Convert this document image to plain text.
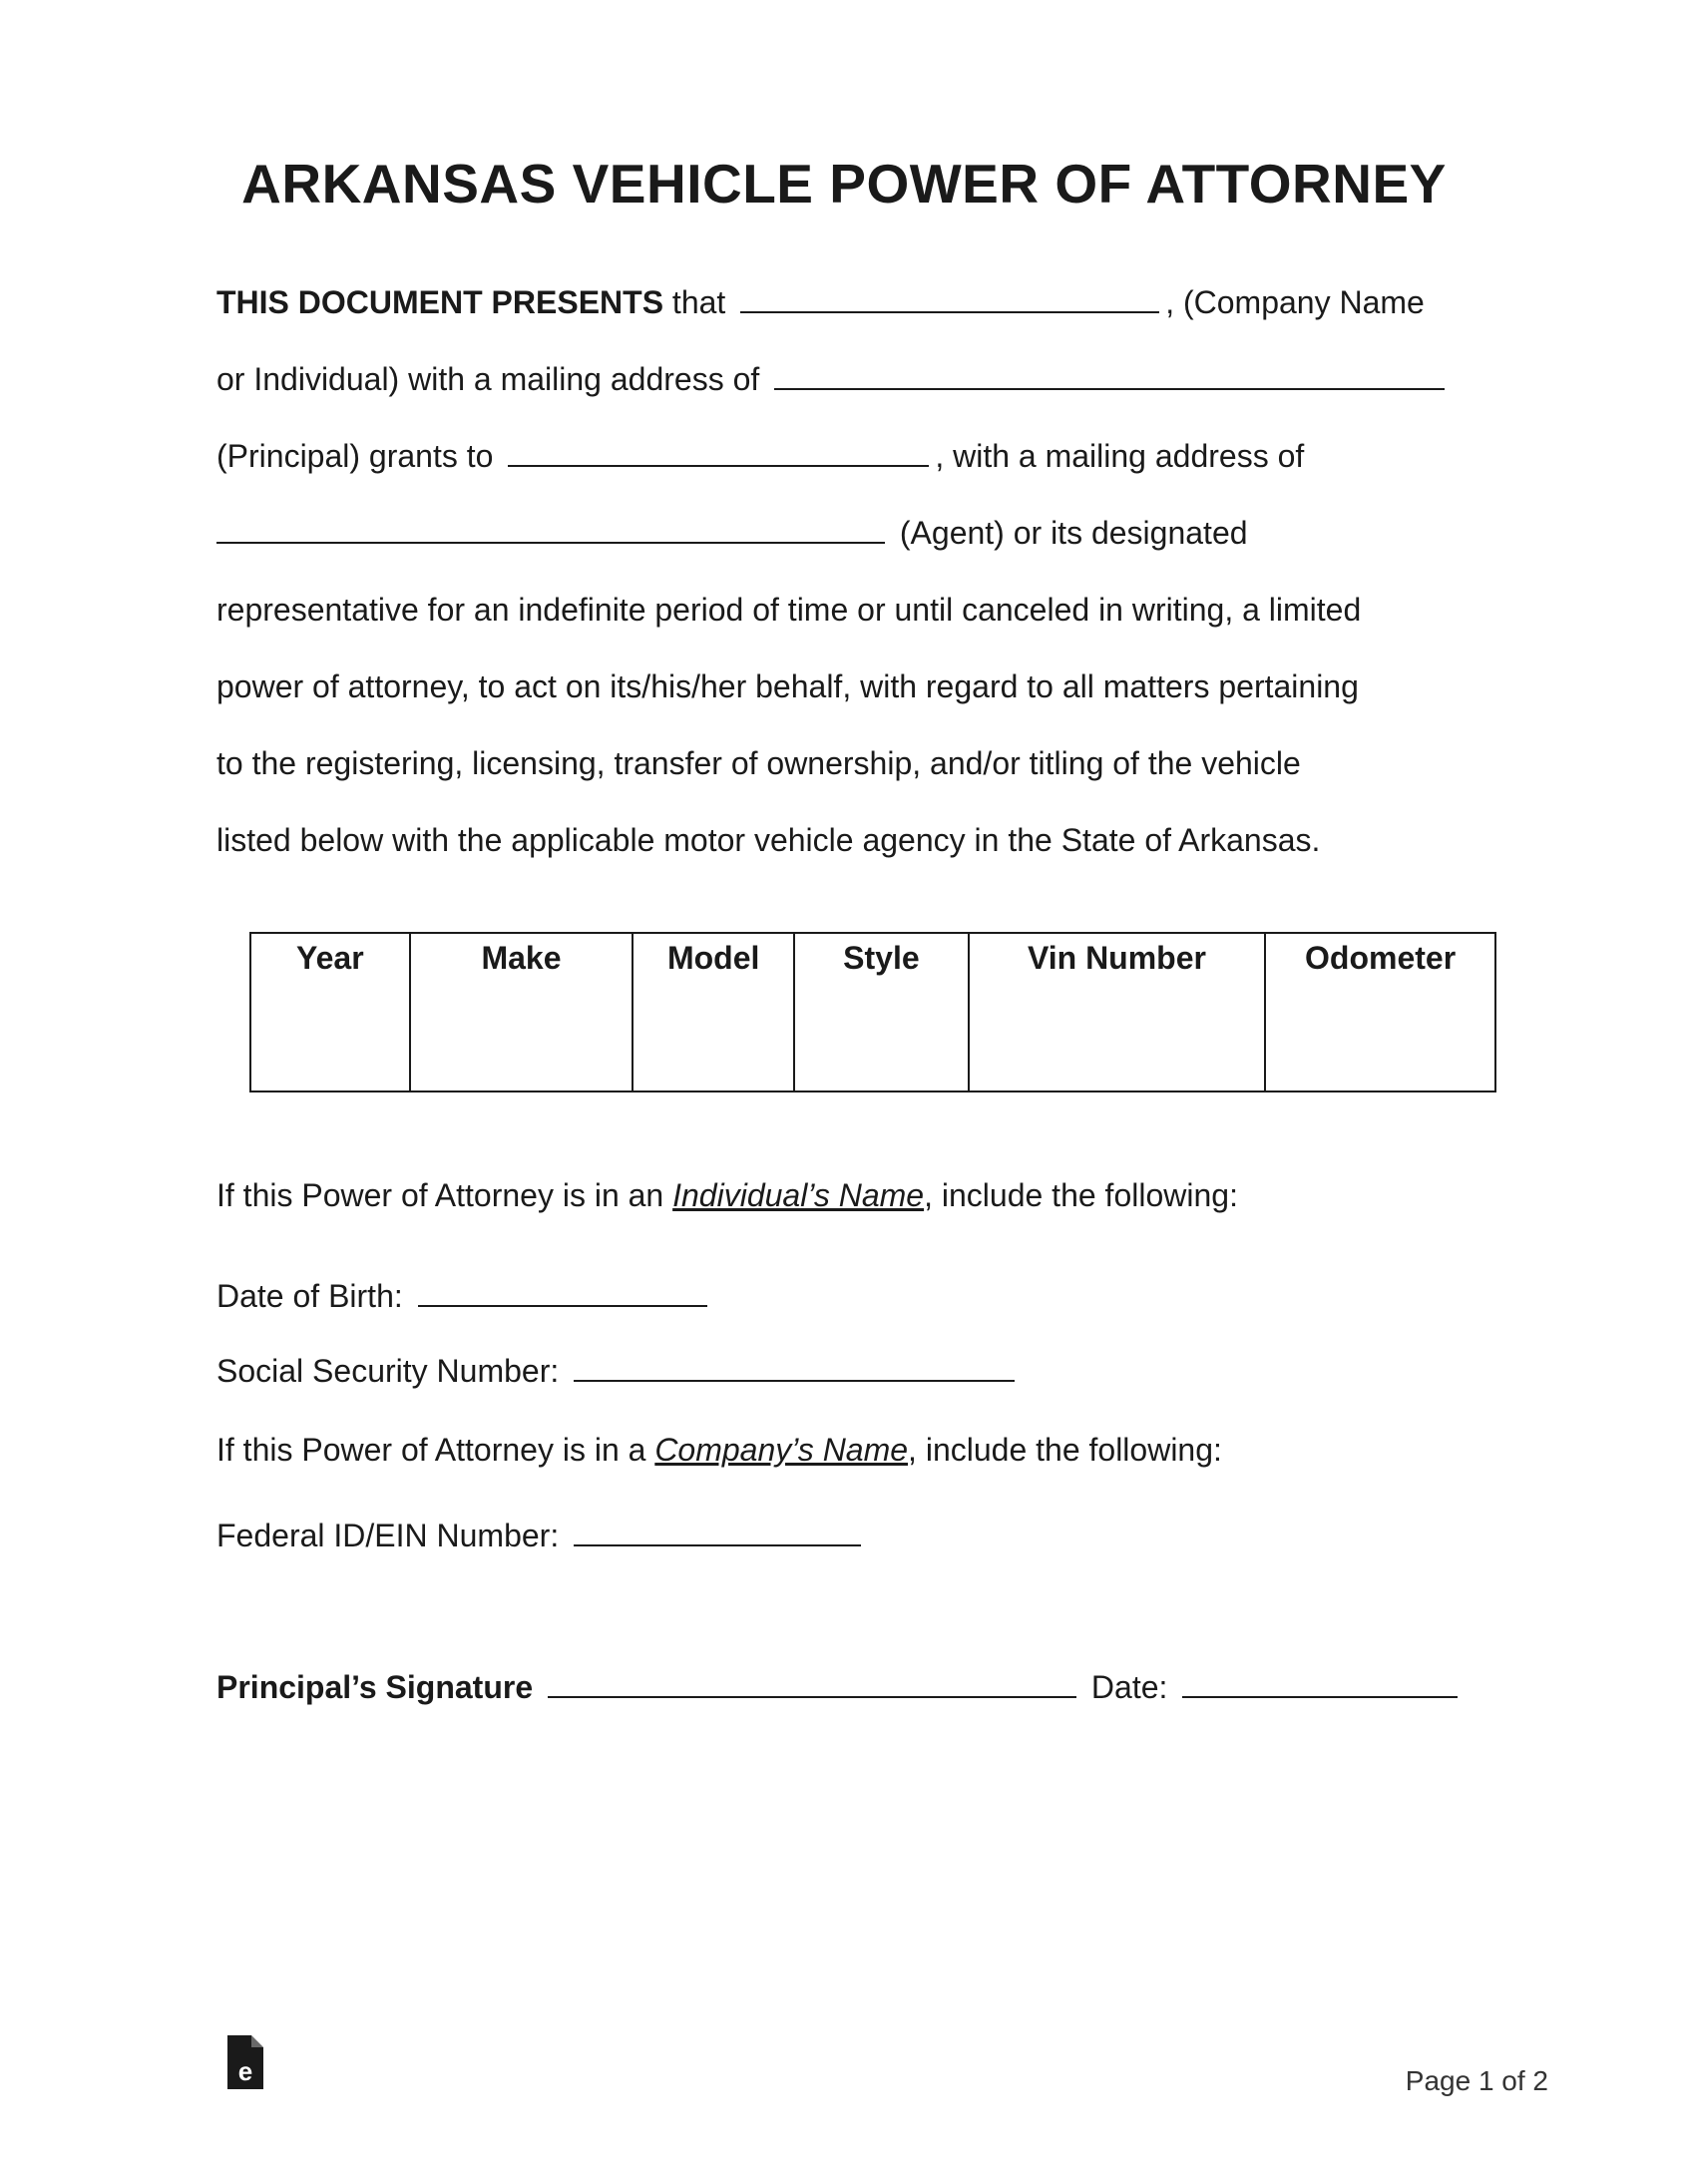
ARKANSAS VEHICLE POWER OF ATTORNEY
THIS DOCUMENT PRESENTS that	, (Company Name
or Individual) with a mailing address of
(Principal) grants to	, with a mailing address of
(Agent) or its designated
representative for an indefinite period of time or until canceled in writing, a limited
power of attorney, to act on its/his/her behalf, with regard to all matters pertaining
to the registering, licensing, transfer of ownership, and/or titling of the vehicle
listed below with the applicable motor vehicle agency in the State of Arkansas.
Year	Make	Model	Style	Vin Number	Odometer

If this Power of Attorney is in an Individual’s Name, include the following:
Date of Birth:
Social Security Number:
If this Power of Attorney is in a Company’s Name, include the following:
Federal ID/EIN Number:
Principal’s Signature	Date:
e	Page 1 of 2
